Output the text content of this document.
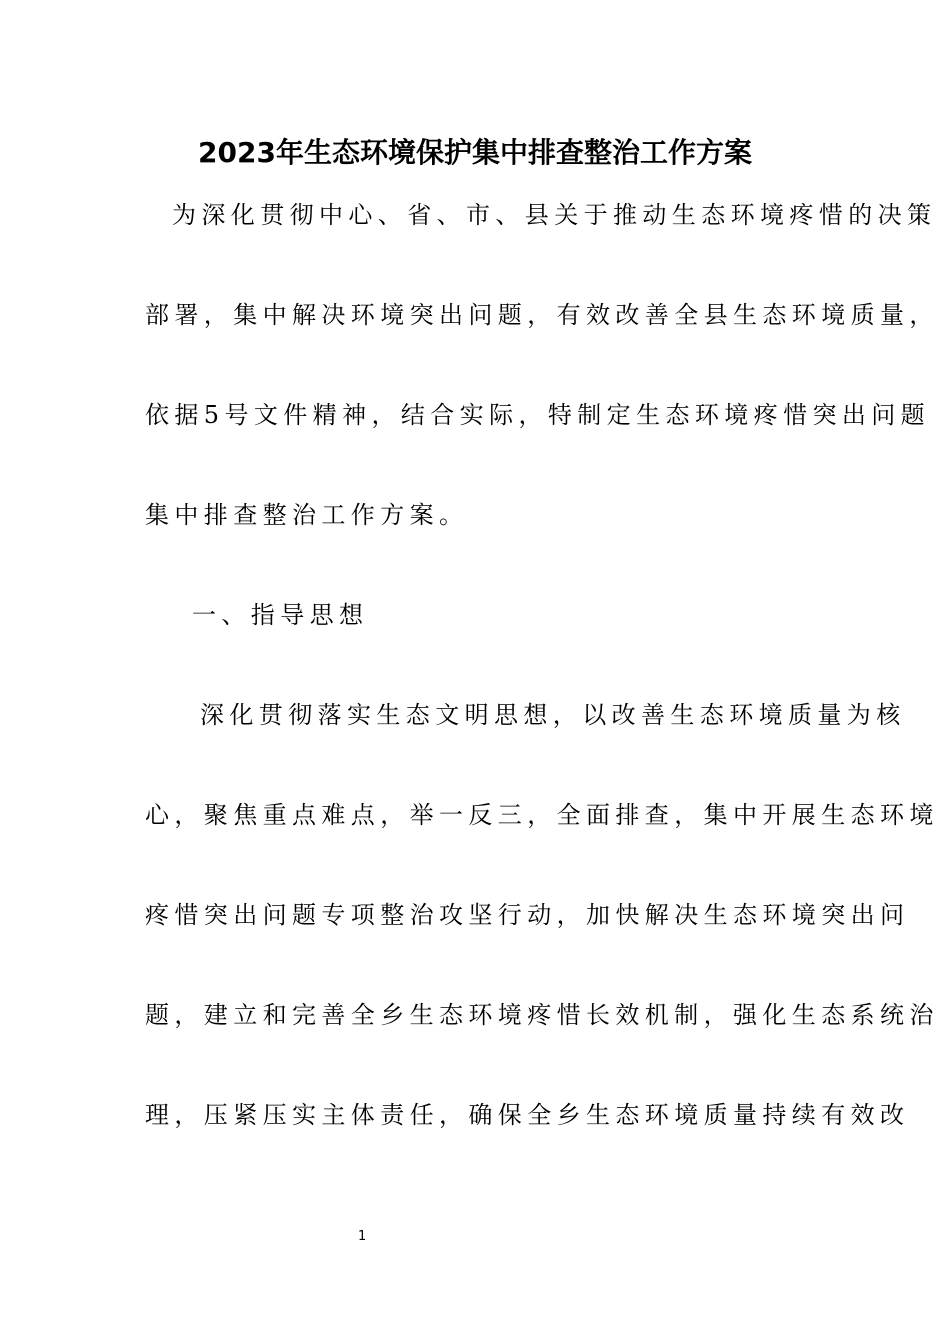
2023年生态环境保护集中排查整治工作方案
为深化贯彻中心、省、市、县关于推动生态环境疼惜的决策
部署，集中解决环境突出问题，有效改善全县生态环境质量，
依据5号文件精神，结合实际，特制定生态环境疼惜突出问题
集中排查整治工作方案。
一、指导思想
深化贯彻落实生态文明思想，以改善生态环境质量为核
心，聚焦重点难点，举一反三，全面排查，集中开展生态环境
疼惜突出问题专项整治攻坚行动，加快解决生态环境突出问
题，建立和完善全乡生态环境疼惜长效机制，强化生态系统治
理，压紧压实主体责任，确保全乡生态环境质量持续有效改
1
